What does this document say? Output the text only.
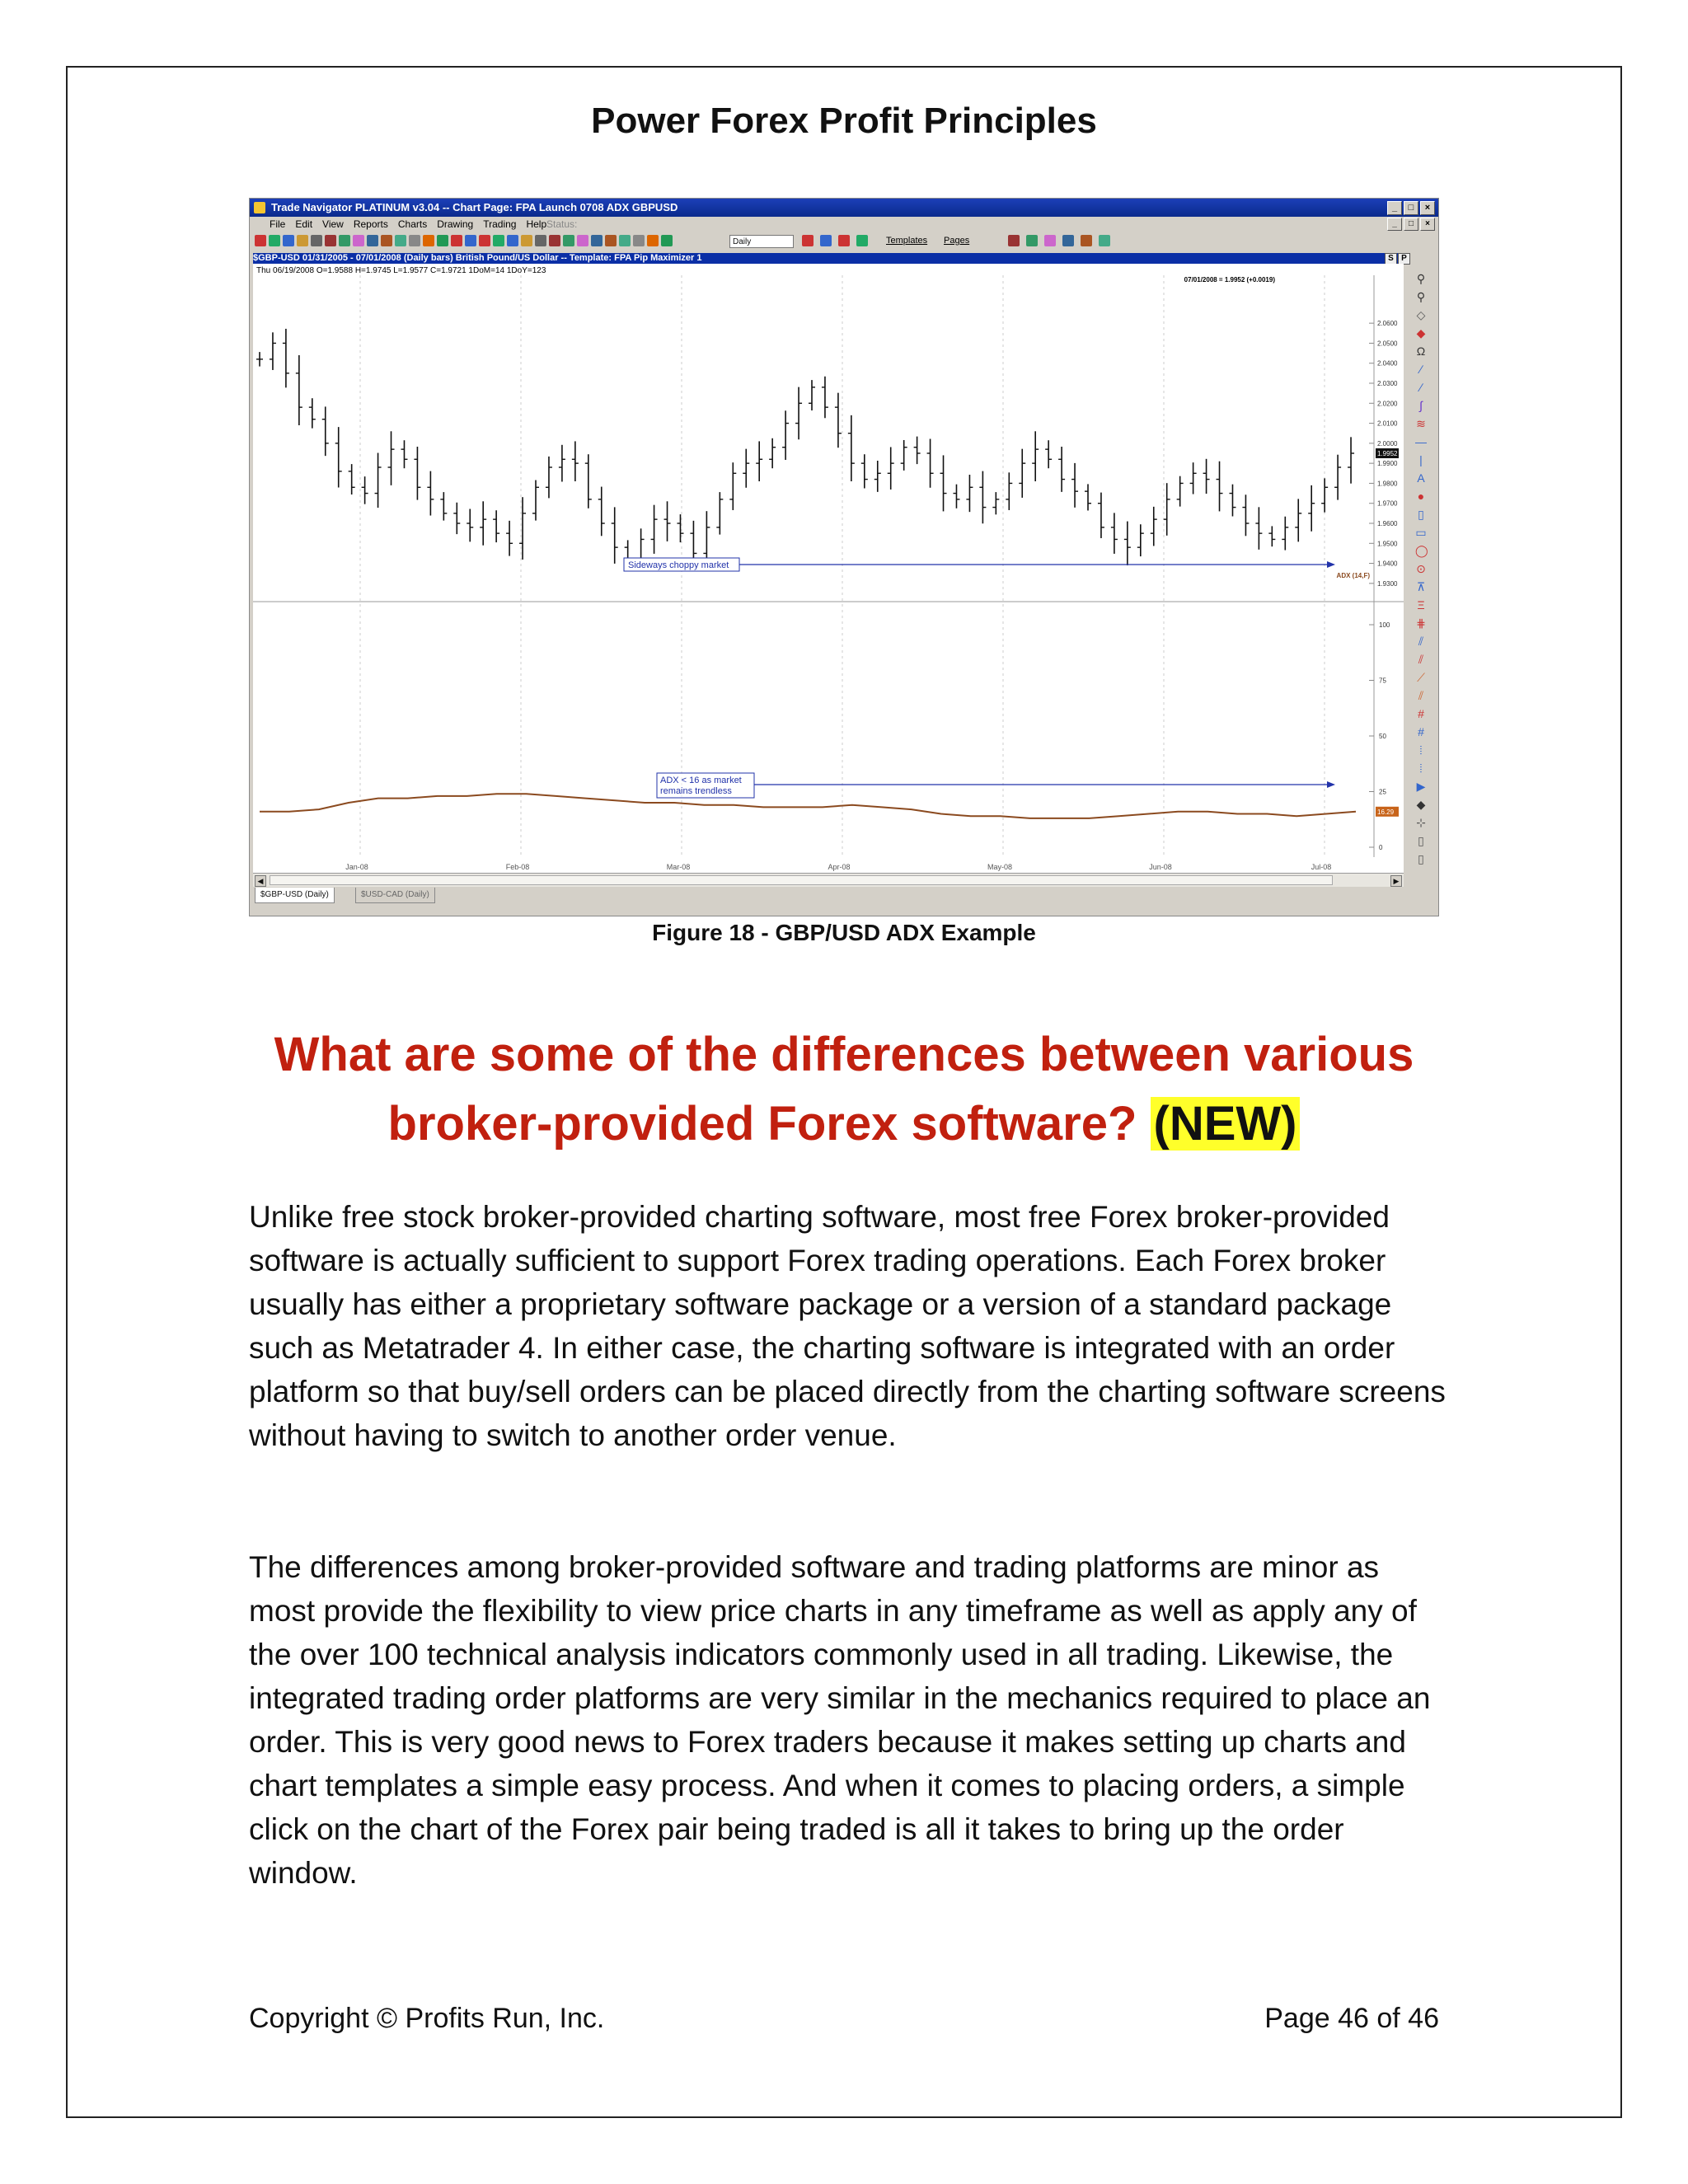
Power Forex Profit Principles
Trade Navigator PLATINUM v3.04 -- Chart Page: FPA Launch 0708 ADX GBPUSD	_	□	×
File Edit View Reports Charts Drawing Trading Help Status:	_	□	×
Daily	Templates Pages
$GBP-USD 01/31/2005 - 07/01/2008 (Daily bars) British Pound/US Dollar -- Template: FPA Pip Maximizer 1	S P
Thu 06/19/2008 O=1.9588 H=1.9745 L=1.9577 C=1.9721 1DoM=14 1DoY=123
07/01/2008 = 1.9952 (+0.0019)
Jan-08	Feb-08	Mar-08	Apr-08	May-08	Jun-08	Jul-08
2.0600
2.0500
2.0400
2.0300
2.0200
2.0100
2.0000
1.9900
1.9800
1.9700
1.9600
1.9500
1.9400
1.9300
1.9952
Sideways choppy market
ADX (14,F)
100
75
50
25
0
16.29
ADX < 16 as market
remains trendless
⚲
⚲
◇
◆
Ω
∕
∕
∫
≋
—
|
A
●
▯
▭
◯
⊙
⊼
Ξ
⋕
⫽
⫽
⟋
⫽
#
#
⦙
⦙
▶
◆
⊹
▯
▯
◀	▶
$GBP-USD (Daily)	$USD-CAD (Daily)
Figure 18 - GBP/USD ADX Example
What are some of the differences between various broker-provided Forex software? (NEW)
Unlike free stock broker-provided charting software, most free Forex broker-provided software is actually sufficient to support Forex trading operations. Each Forex broker usually has either a proprietary software package or a version of a standard package such as Metatrader 4. In either case, the charting software is integrated with an order platform so that buy/sell orders can be placed directly from the charting software screens without having to switch to another order venue.
The differences among broker-provided software and trading platforms are minor as most provide the flexibility to view price charts in any timeframe as well as apply any of the over 100 technical analysis indicators commonly used in all trading. Likewise, the integrated trading order platforms are very similar in the mechanics required to place an order. This is very good news to Forex traders because it makes setting up charts and chart templates a simple easy process. And when it comes to placing orders, a simple click on the chart of the Forex pair being traded is all it takes to bring up the order window.
Copyright © Profits Run, Inc.	Page 46 of 46
